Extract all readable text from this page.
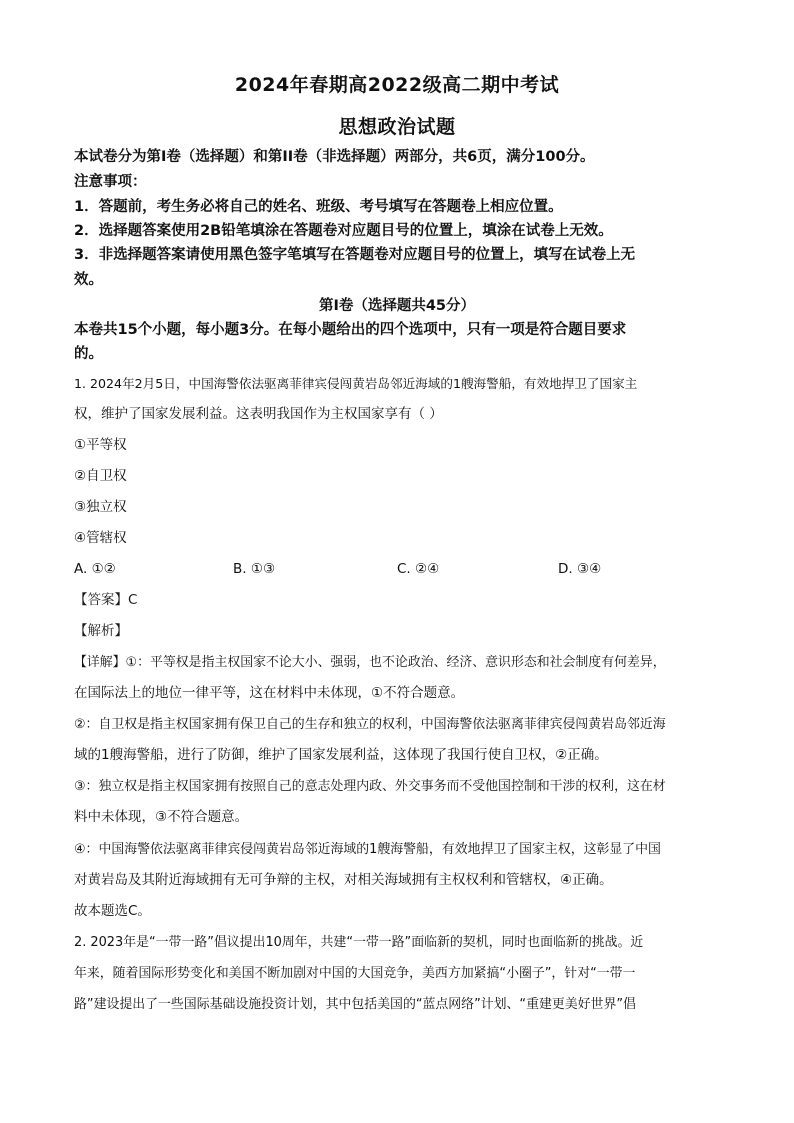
2024年春期高2022级高二期中考试
思想政治试题
本试卷分为第Ⅰ卷（选择题）和第II卷（非选择题）两部分，共6页，满分100分。
注意事项：
1．答题前，考生务必将自己的姓名、班级、考号填写在答题卷上相应位置。
2．选择题答案使用2B铅笔填涂在答题卷对应题目号的位置上，填涂在试卷上无效。
3．非选择题答案请使用黑色签字笔填写在答题卷对应题目号的位置上，填写在试卷上无
效。
第Ⅰ卷（选择题共45分）
本卷共15个小题，每小题3分。在每小题给出的四个选项中，只有一项是符合题目要求
的。
1. 2024年2月5日，中国海警依法驱离菲律宾侵闯黄岩岛邻近海域的1艘海警船，有效地捍卫了国家主
权，维护了国家发展利益。这表明我国作为主权国家享有（ ）
①平等权
②自卫权
③独立权
④管辖权
A. ①②	B. ①③	C. ②④	D. ③④
【答案】C
【解析】
【详解】①：平等权是指主权国家不论大小、强弱，也不论政治、经济、意识形态和社会制度有何差异，
在国际法上的地位一律平等，这在材料中未体现，①不符合题意。
②：自卫权是指主权国家拥有保卫自己的生存和独立的权利，中国海警依法驱离菲律宾侵闯黄岩岛邻近海
域的1艘海警船，进行了防御，维护了国家发展利益，这体现了我国行使自卫权，②正确。
③：独立权是指主权国家拥有按照自己的意志处理内政、外交事务而不受他国控制和干涉的权利，这在材
料中未体现，③不符合题意。
④：中国海警依法驱离菲律宾侵闯黄岩岛邻近海域的1艘海警船，有效地捍卫了国家主权，这彰显了中国
对黄岩岛及其附近海域拥有无可争辩的主权，对相关海域拥有主权权利和管辖权，④正确。
故本题选C。
2. 2023年是“一带一路”倡议提出10周年，共建“一带一路”面临新的契机，同时也面临新的挑战。近
年来，随着国际形势变化和美国不断加剧对中国的大国竞争，美西方加紧搞“小圈子”，针对“一带一
路”建设提出了一些国际基础设施投资计划，其中包括美国的“蓝点网络”计划、“重建更美好世界”倡
